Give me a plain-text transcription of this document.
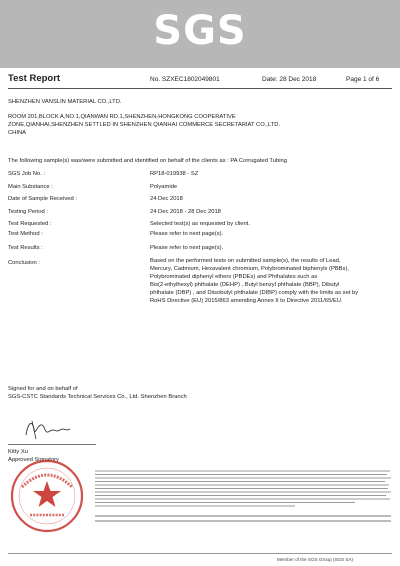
SGS
Test Report	No. SZXEC1802049801	Date: 28 Dec 2018	Page 1 of 6
SHENZHEN VANSLIN MATERIAL CO.,LTD.
ROOM 201,BLOCK A,NO.1,QIANWAN RD.1,SHENZHEN-HONGKONG COOPERATIVE
ZONE,QIANHAI,SHENZHEN SETTLED IN SHENZHEN QIANHAI COMMERCE SECRETARIAT CO.,LTD.
CHINA
The following sample(s) was/were submitted and identified on behalf of the clients as : PA Corrugated Tubing
SGS Job No. :	RP18-019938 - SZ
Main Substance :	Polyamide
Date of Sample Received :	24 Dec 2018
Testing Period :	24 Dec 2018 - 28 Dec 2018
Test Requested :	Selected test(s) as requested by client.
Test Method :	Please refer to next page(s).
Test Results :	Please refer to next page(s).
Conclusion :	Based on the performed tests on submitted sample(s), the results of Lead,
Mercury, Cadmium, Hexavalent chromium, Polybrominated biphenyls (PBBs),
Polybrominated diphenyl ethers (PBDEs) and Phthalates such as
Bis(2-ethylhexyl) phthalate (DEHP) , Butyl benzyl phthalate (BBP), Dibutyl
phthalate (DBP) , and Diisobutyl phthalate (DIBP) comply with the limits as set by
RoHS Directive (EU) 2015/863 amending Annex II to Directive 2011/65/EU.
Signed for and on behalf of
SGS-CSTC Standards Technical Services Co., Ltd. Shenzhen Branch
Kitty Xu
Approved Signatory
Member of the SGS Group (SGS SA)
